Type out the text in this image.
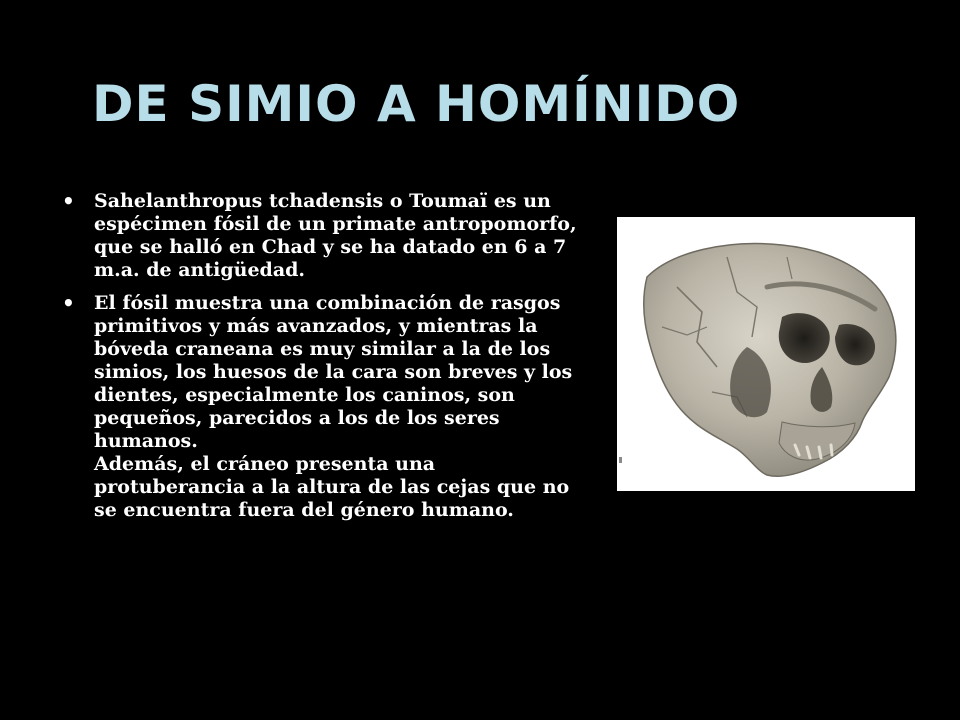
DE SIMIO A HOMÍNIDO
• Sahelanthropus tchadensis o Toumaï es un espécimen fósil de un primate antropomorfo, que se halló en Chad y se ha datado en 6 a 7 m.a. de antigüedad.
• El fósil muestra una combinación de rasgos primitivos y más avanzados, y mientras la bóveda craneana es muy similar a la de los simios, los huesos de la cara son breves y los dientes, especialmente los caninos, son pequeños, parecidos a los de los seres humanos.
Además, el cráneo presenta una protuberancia a la altura de las cejas que no se encuentra fuera del género humano.
